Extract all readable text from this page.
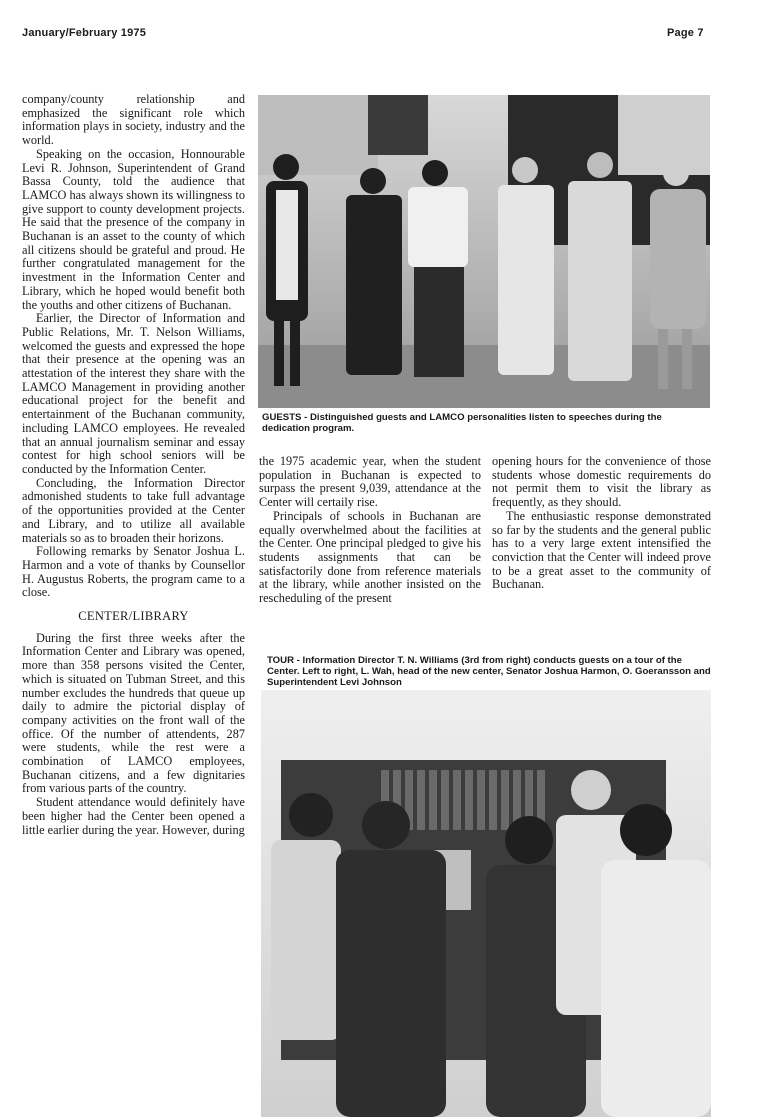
January/February 1975	Page 7

company/county relationship and emphasized the significant role which information plays in society, industry and the world.

Speaking on the occasion, Honnourable Levi R. Johnson, Superintendent of Grand Bassa County, told the audience that LAMCO has always shown its willingness to give support to county development projects. He said that the presence of the company in Buchanan is an asset to the county of which all citizens should be grateful and proud. He further congratulated management for the investment in the Information Center and Library, which he hoped would benefit both the youths and other citizens of Buchanan.

Earlier, the Director of Information and Public Relations, Mr. T. Nelson Williams, welcomed the guests and expressed the hope that their presence at the opening was an attestation of the interest they share with the LAMCO Management in providing another educational project for the benefit and entertainment of the Buchanan community, including LAMCO employees. He revealed that an annual journalism seminar and essay contest for high school seniors will be conducted by the Information Center.

Concluding, the Information Director admonished students to take full advantage of the opportunities provided at the Center and Library, and to utilize all available materials so as to broaden their horizons.

Following remarks by Senator Joshua L. Harmon and a vote of thanks by Counsellor H. Augustus Roberts, the program came to a close.

CENTER/LIBRARY

During the first three weeks after the Information Center and Library was opened, more than 358 persons visited the Center, which is situated on Tubman Street, and this number excludes the hundreds that queue up daily to admire the pictorial display of company activities on the front wall of the office. Of the number of attendents, 287 were students, while the rest were a combination of LAMCO employees, Buchanan citizens, and a few dignitaries from various parts of the country.

Student attendance would definitely have been higher had the Center been opened a little earlier during the year. However, during

GUESTS - Distinguished guests and LAMCO personalities listen to speeches during the dedication program.

the 1975 academic year, when the student population in Buchanan is expected to surpass the present 9,039, attendance at the Center will certaily rise.

Principals of schools in Buchanan are equally overwhelmed about the facilities at the Center. One principal pledged to give his students assignments that can be satisfactorily done from reference materials at the library, while another insisted on the rescheduling of the present

opening hours for the convenience of those students whose domestic requirements do not permit them to visit the library as frequently, as they should.

The enthusiastic response demonstrated so far by the students and the general public has to a very large extent intensified the conviction that the Center will indeed prove to be a great asset to the community of Buchanan.

TOUR - Information Director T. N. Williams (3rd from right) conducts guests on a tour of the Center. Left to right, L. Wah, head of the new center, Senator Joshua Harmon, O. Goeransson and Superintendent Levi Johnson
